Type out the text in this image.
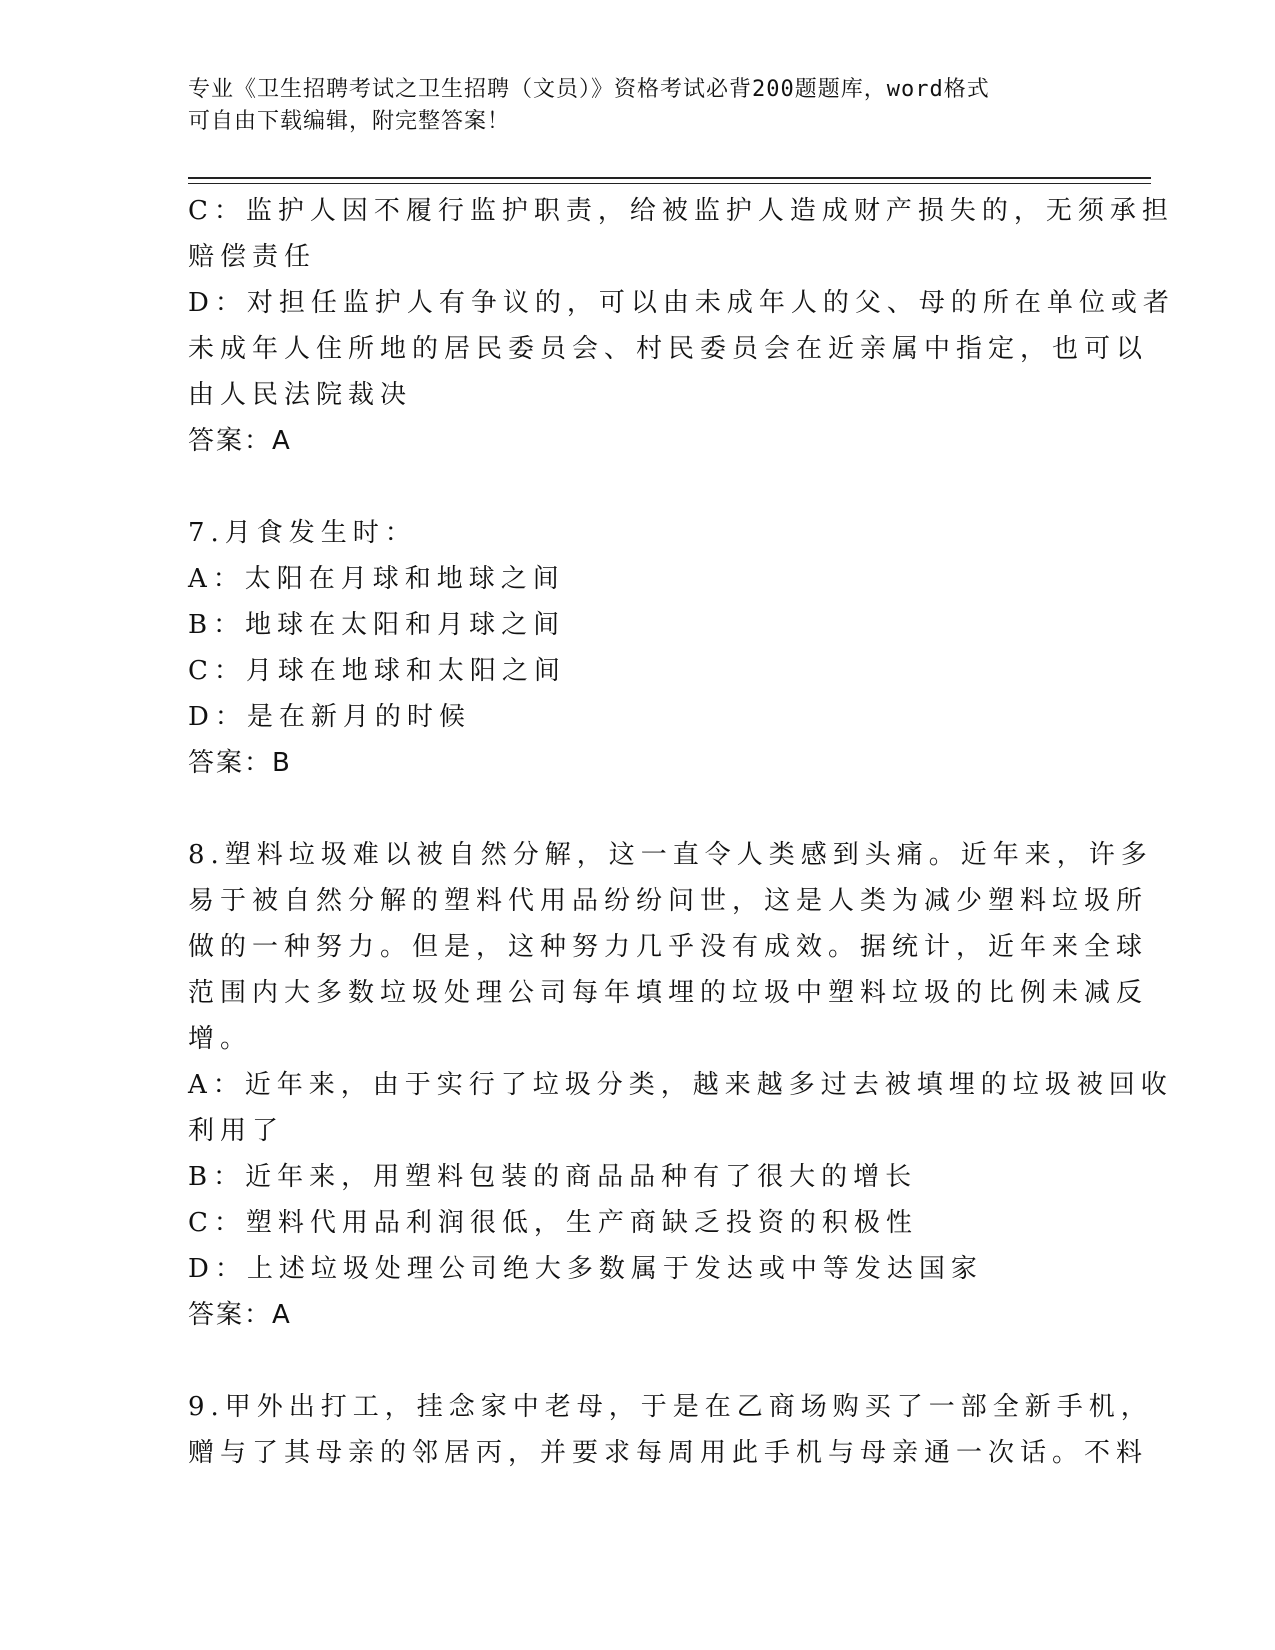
专业《卫生招聘考试之卫生招聘（文员）》资格考试必背200题题库，word格式
可自由下载编辑，附完整答案！
C：监护人因不履行监护职责，给被监护人造成财产损失的，无须承担
赔偿责任
D：对担任监护人有争议的，可以由未成年人的父、母的所在单位或者
未成年人住所地的居民委员会、村民委员会在近亲属中指定，也可以
由人民法院裁决
答案：A
7.月食发生时：
A：太阳在月球和地球之间
B：地球在太阳和月球之间
C：月球在地球和太阳之间
D：是在新月的时候
答案：B
8.塑料垃圾难以被自然分解，这一直令人类感到头痛。近年来，许多
易于被自然分解的塑料代用品纷纷问世，这是人类为减少塑料垃圾所
做的一种努力。但是，这种努力几乎没有成效。据统计，近年来全球
范围内大多数垃圾处理公司每年填埋的垃圾中塑料垃圾的比例未减反
增。
A：近年来，由于实行了垃圾分类，越来越多过去被填埋的垃圾被回收
利用了
B：近年来，用塑料包装的商品品种有了很大的增长
C：塑料代用品利润很低，生产商缺乏投资的积极性
D：上述垃圾处理公司绝大多数属于发达或中等发达国家
答案：A
9.甲外出打工，挂念家中老母，于是在乙商场购买了一部全新手机，
赠与了其母亲的邻居丙，并要求每周用此手机与母亲通一次话。不料
